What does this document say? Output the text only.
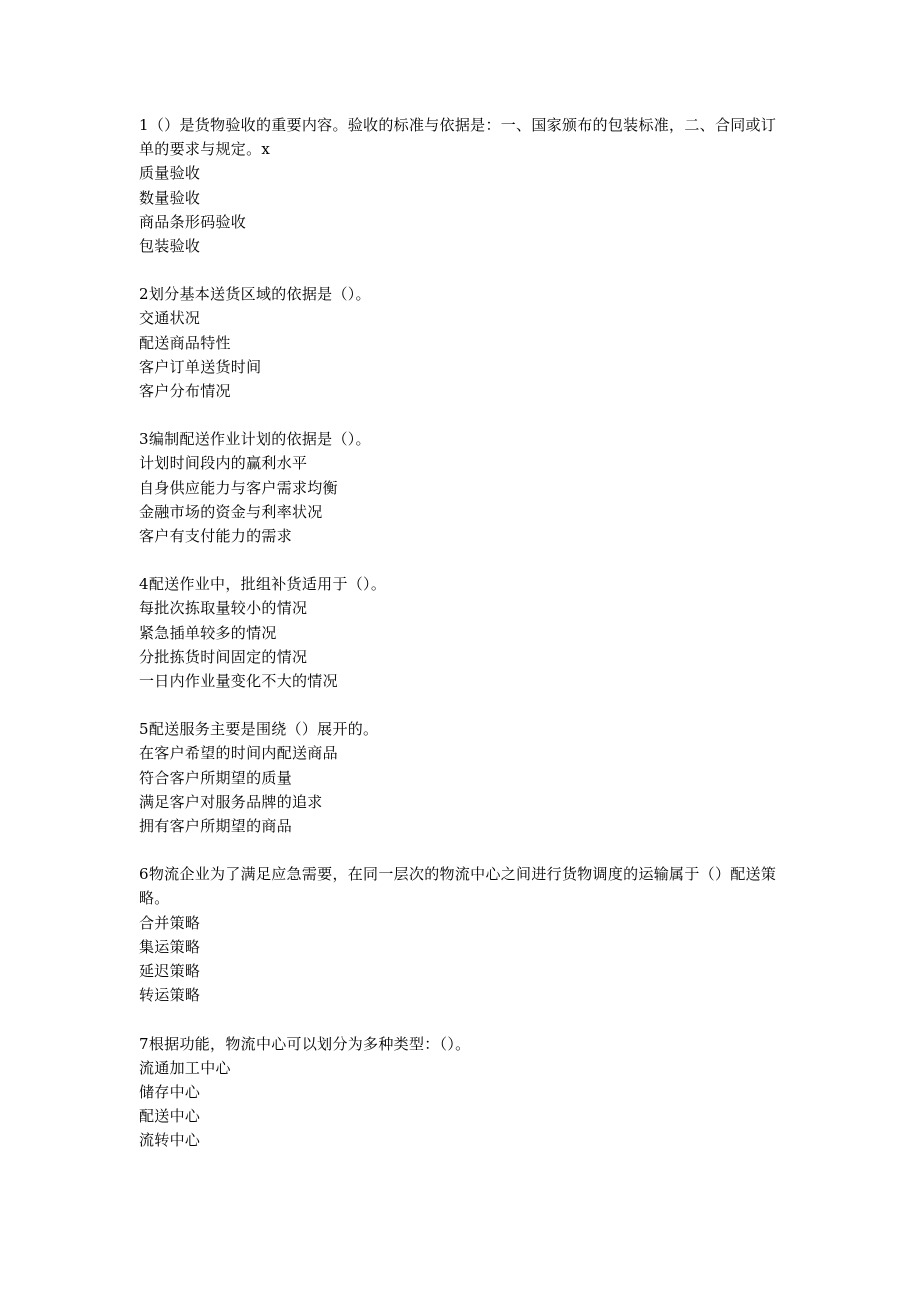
1（）是货物验收的重要内容。验收的标准与依据是：一、国家颁布的包装标准，二、合同或订单的要求与规定。x

质量验收

数量验收

商品条形码验收

包装验收

2划分基本送货区域的依据是（）。

交通状况

配送商品特性

客户订单送货时间

客户分布情况

3编制配送作业计划的依据是（）。

计划时间段内的赢利水平

自身供应能力与客户需求均衡

金融市场的资金与利率状况

客户有支付能力的需求

4配送作业中，批组补货适用于（）。

每批次拣取量较小的情况

紧急插单较多的情况

分批拣货时间固定的情况

一日内作业量变化不大的情况

5配送服务主要是围绕（）展开的。

在客户希望的时间内配送商品

符合客户所期望的质量

满足客户对服务品牌的追求

拥有客户所期望的商品

6物流企业为了满足应急需要，在同一层次的物流中心之间进行货物调度的运输属于（）配送策略。

合并策略

集运策略

延迟策略

转运策略

7根据功能，物流中心可以划分为多种类型：（）。

流通加工中心

储存中心

配送中心

流转中心
